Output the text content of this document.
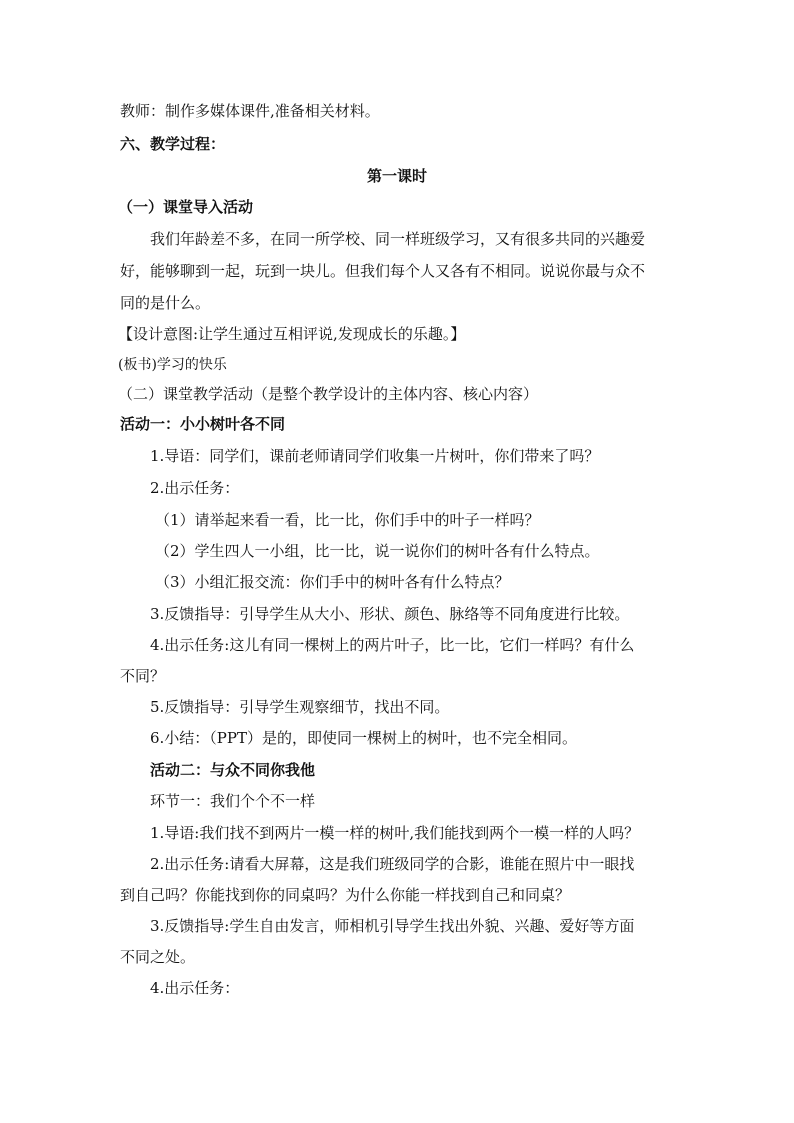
教师：制作多媒体课件,准备相关材料。
六、教学过程：
第一课时
（一）课堂导入活动
我们年龄差不多，在同一所学校、同一样班级学习，又有很多共同的兴趣爱
好，能够聊到一起，玩到一块儿。但我们每个人又各有不相同。说说你最与众不
同的是什么。
【设计意图:让学生通过互相评说,发现成长的乐趣。】
(板书)学习的快乐
（二）课堂教学活动（是整个教学设计的主体内容、核心内容）
活动一：小小树叶各不同
1.导语：同学们，课前老师请同学们收集一片树叶，你们带来了吗？
2.出示任务：
（1）请举起来看一看，比一比，你们手中的叶子一样吗？
（2）学生四人一小组，比一比，说一说你们的树叶各有什么特点。
（3）小组汇报交流：你们手中的树叶各有什么特点？
3.反馈指导：引导学生从大小、形状、颜色、脉络等不同角度进行比较。
4.出示任务:这儿有同一棵树上的两片叶子，比一比，它们一样吗？有什么
不同？
5.反馈指导：引导学生观察细节，找出不同。
6.小结：（PPT）是的，即使同一棵树上的树叶，也不完全相同。
活动二：与众不同你我他
环节一：我们个个不一样
1.导语:我们找不到两片一模一样的树叶,我们能找到两个一模一样的人吗？
2.出示任务:请看大屏幕，这是我们班级同学的合影，谁能在照片中一眼找
到自己吗？你能找到你的同桌吗？为什么你能一样找到自己和同桌？
3.反馈指导:学生自由发言，师相机引导学生找出外貌、兴趣、爱好等方面
不同之处。
4.出示任务：
